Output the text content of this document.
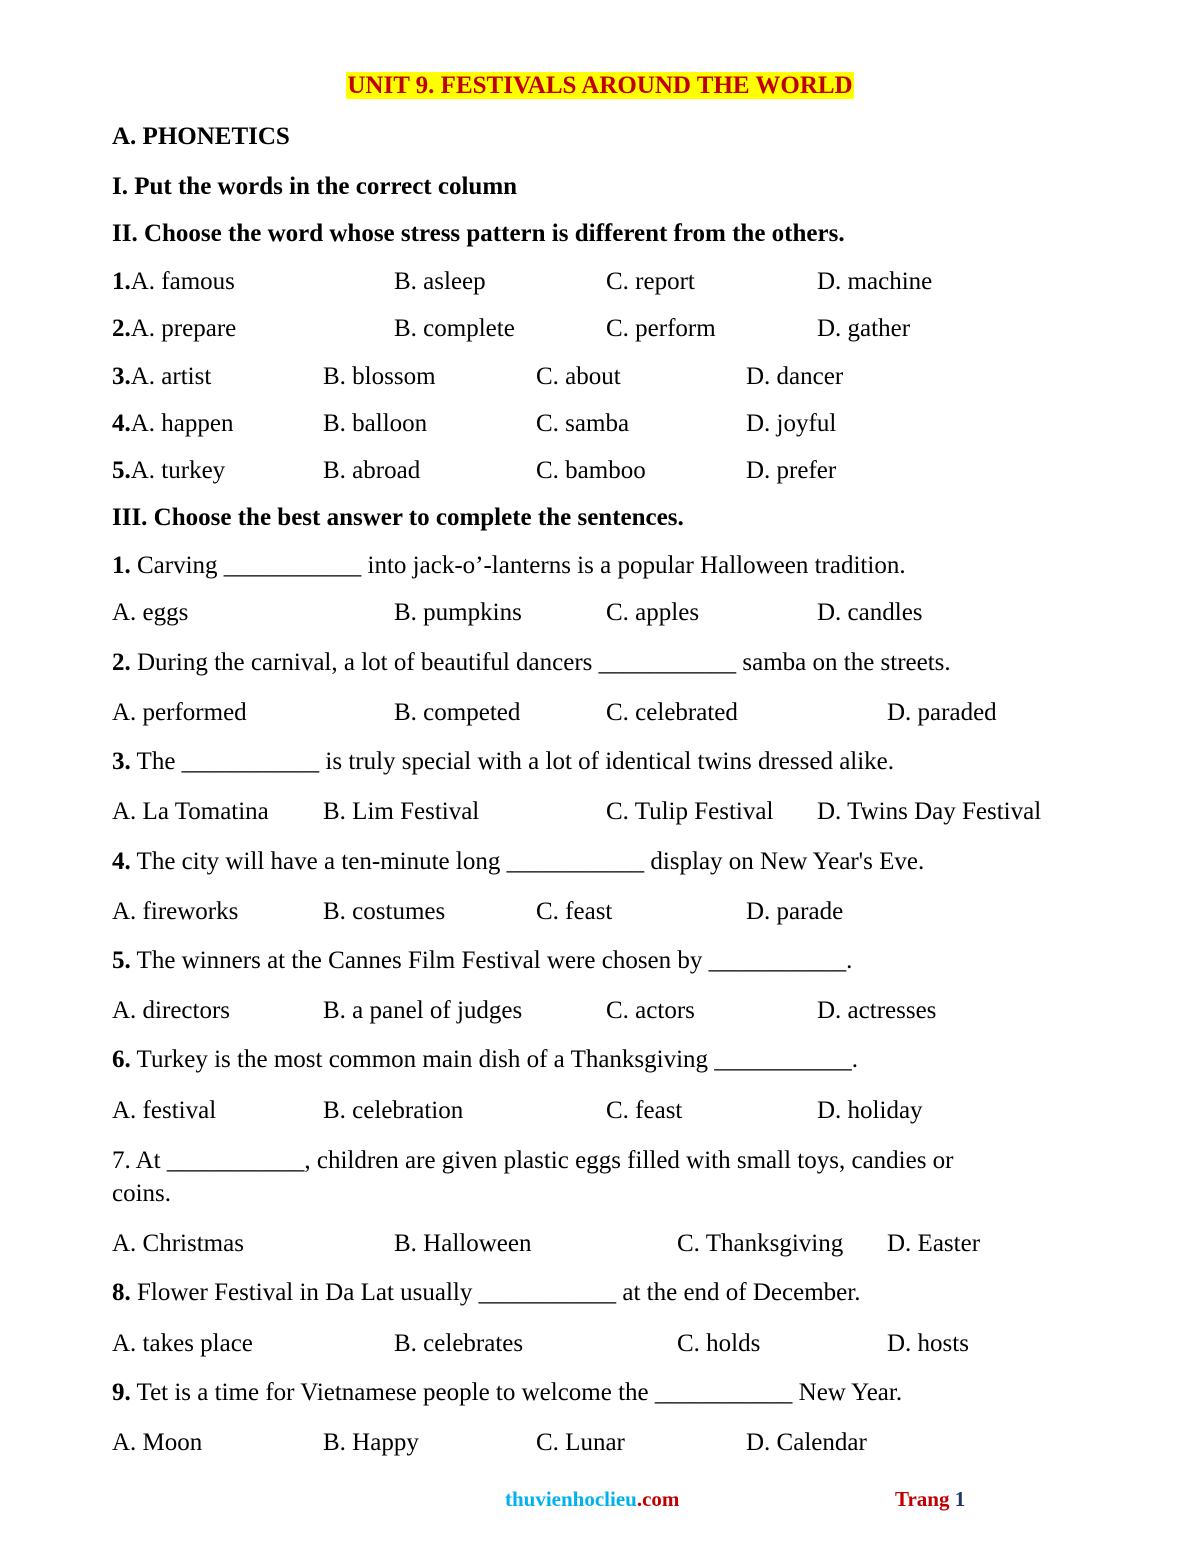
UNIT 9. FESTIVALS AROUND THE WORLD
A. PHONETICS
I. Put the words in the correct column
II. Choose the word whose stress pattern is different from the others.
1.A. famous	B. asleep	C. report	D. machine
2.A. prepare	B. complete	C. perform	D. gather
3.A. artist	B. blossom	C. about	D. dancer
4.A. happen	B. balloon	C. samba	D. joyful
5.A. turkey	B. abroad	C. bamboo	D. prefer
III. Choose the best answer to complete the sentences.
1. Carving ___________ into jack-o’-lanterns is a popular Halloween tradition.
A. eggs	B. pumpkins	C. apples	D. candles
2. During the carnival, a lot of beautiful dancers ___________ samba on the streets.
A. performed	B. competed	C. celebrated	D. paraded
3. The ___________ is truly special with a lot of identical twins dressed alike.
A. La Tomatina B. Lim Festival	C. Tulip Festival D. Twins Day Festival
4. The city will have a ten-minute long ___________ display on New Year's Eve.
A. fireworks	B. costumes	C. feast	D. parade
5. The winners at the Cannes Film Festival were chosen by ___________.
A. directors	B. a panel of judges	C. actors	D. actresses
6. Turkey is the most common main dish of a Thanksgiving ___________.
A. festival	B. celebration	C. feast	D. holiday
7. At ___________, children are given plastic eggs filled with small toys, candies or
coins.
A. Christmas	B. Halloween	C. Thanksgiving D. Easter
8. Flower Festival in Da Lat usually ___________ at the end of December.
A. takes place	B. celebrates	C. holds	D. hosts
9. Tet is a time for Vietnamese people to welcome the ___________ New Year.
A. Moon	B. Happy	C. Lunar	D. Calendar
thuvienhoclieu.com	Trang 1
